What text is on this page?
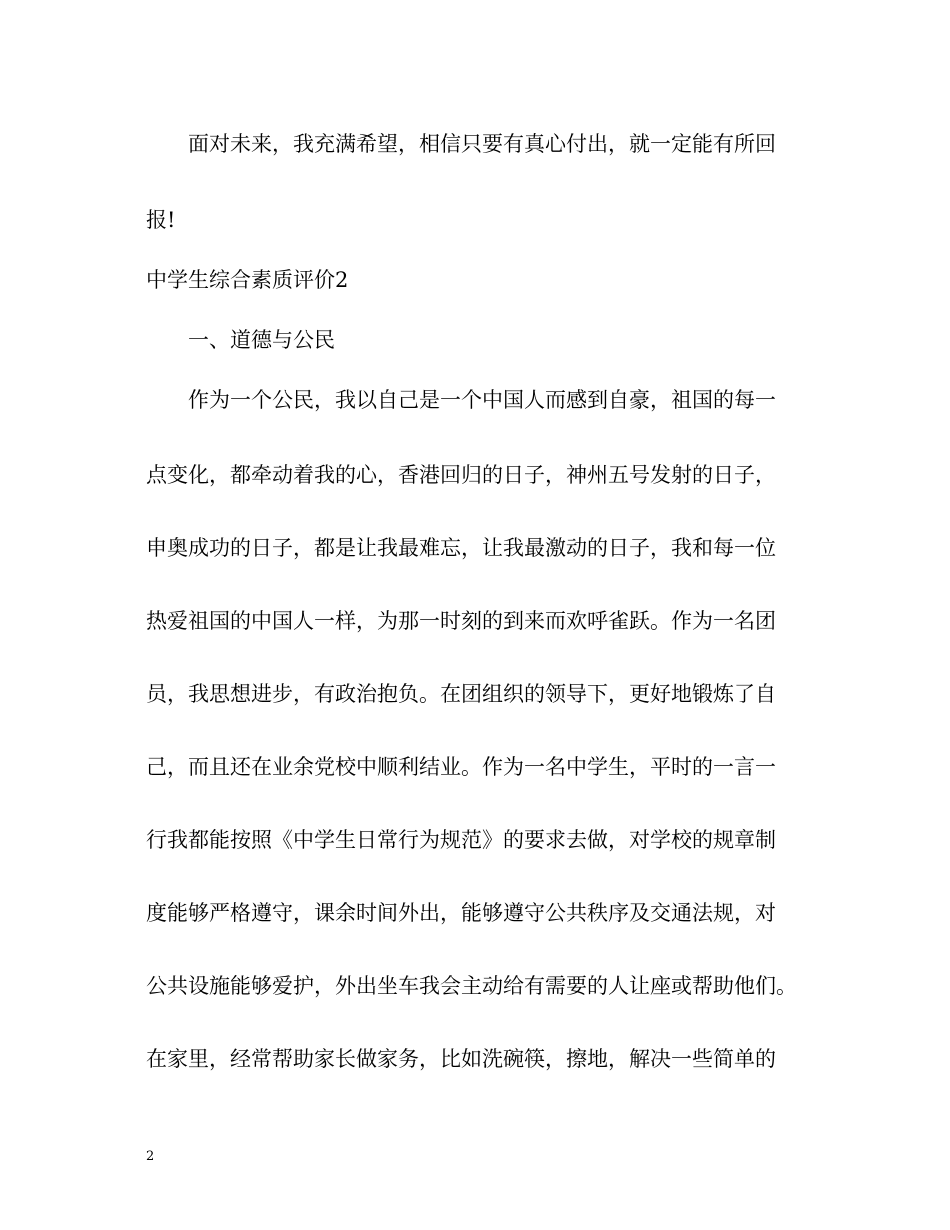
面对未来，我充满希望，相信只要有真心付出，就一定能有所回
报!
中学生综合素质评价2
一、道德与公民
作为一个公民，我以自己是一个中国人而感到自豪，祖国的每一
点变化，都牵动着我的心，香港回归的日子，神州五号发射的日子，
申奥成功的日子，都是让我最难忘，让我最激动的日子，我和每一位
热爱祖国的中国人一样，为那一时刻的到来而欢呼雀跃。作为一名团
员，我思想进步，有政治抱负。在团组织的领导下，更好地锻炼了自
己，而且还在业余党校中顺利结业。作为一名中学生，平时的一言一
行我都能按照《中学生日常行为规范》的要求去做，对学校的规章制
度能够严格遵守，课余时间外出，能够遵守公共秩序及交通法规，对
公共设施能够爱护，外出坐车我会主动给有需要的人让座或帮助他们。
在家里，经常帮助家长做家务，比如洗碗筷，擦地，解决一些简单的
2
